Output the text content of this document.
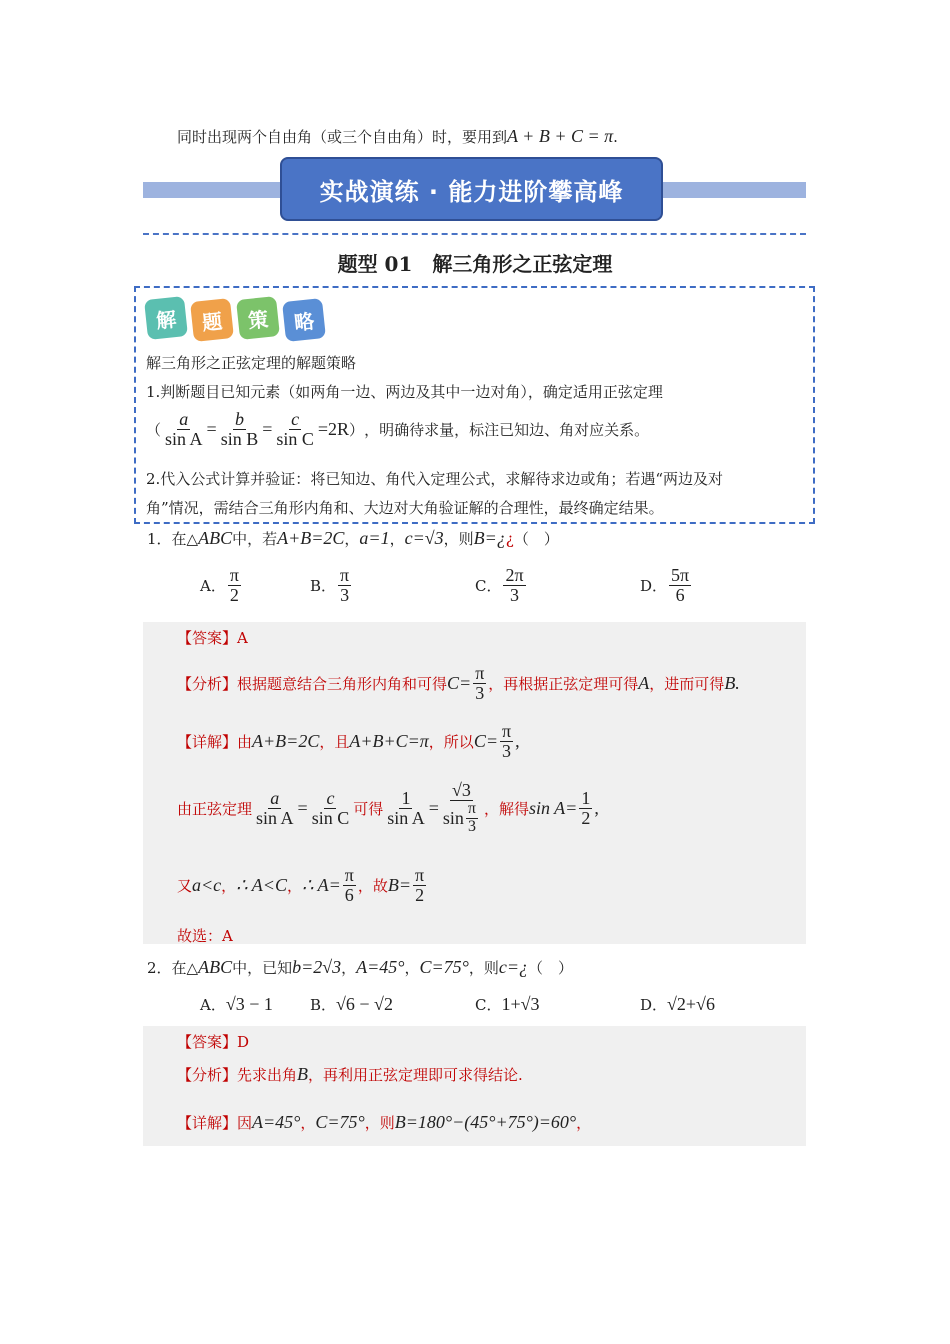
同时出现两个自由角（或三个自由角）时，要用到A + B + C = π.
实战演练 · 能力进阶攀高峰
题型 01　解三角形之正弦定理
解	题	策	略
解三角形之正弦定理的解题策略
1.判断题目已知元素（如两角一边、两边及其中一边对角），确定适用正弦定理
（ $\frac{a}{\text{sin A}} = \frac{b}{\text{sin B}} = \frac{c}{\text{sin C}} =2R$ ） ，明确待求量，标注已知边、角对应关系。
2.代入公式计算并验证：将已知边、角代入定理公式，求解待求边或角；若遇“两边及对
角”情况，需结合三角形内角和、大边对大角验证解的合理性，最终确定结果。
1．在△ABC中，若A+B=2C，a=1，c=√3，则B=¿¿（　）
A． $\frac{\pi}{2}$	B． $\frac{\pi}{3}$	C． $\frac{2\pi}{3}$	D． $\frac{5\pi}{6}$
【答案】A
【分析】 根据题意结合三角形内角和可得 $C= \frac{\pi}{3}$ ，再根据正弦定理可得 A ，进而可得 B.
【详解】 由 A+B=2C ，且 A+B+C=π ，所以 $C= \frac{\pi}{3}$ ,
由正弦定理 $\frac{a}{\text{sin A}} = \frac{c}{\text{sin C}}$ 可得 $\frac{1}{\text{sin A}} = \frac{√3}{\sin \frac{\pi}{3}}$ ，解得 $\sin A= \frac{1}{2}$ ,
又 a<c ， ∴ A<C ， ∴ $A= \frac{\pi}{6}$ ，故 $B= \frac{\pi}{2}$
故选：A
2．在△ABC中，已知b=2√3，A=45°，C=75°，则c=¿（　）
A．√3 − 1 B．√6 − √2	C．1+√3	D．√2+√6
【答案】D
【分析】先求出角B，再利用正弦定理即可求得结论.
【详解】因A=45°，C=75°，则B=180°−(45°+75°)=60°，
